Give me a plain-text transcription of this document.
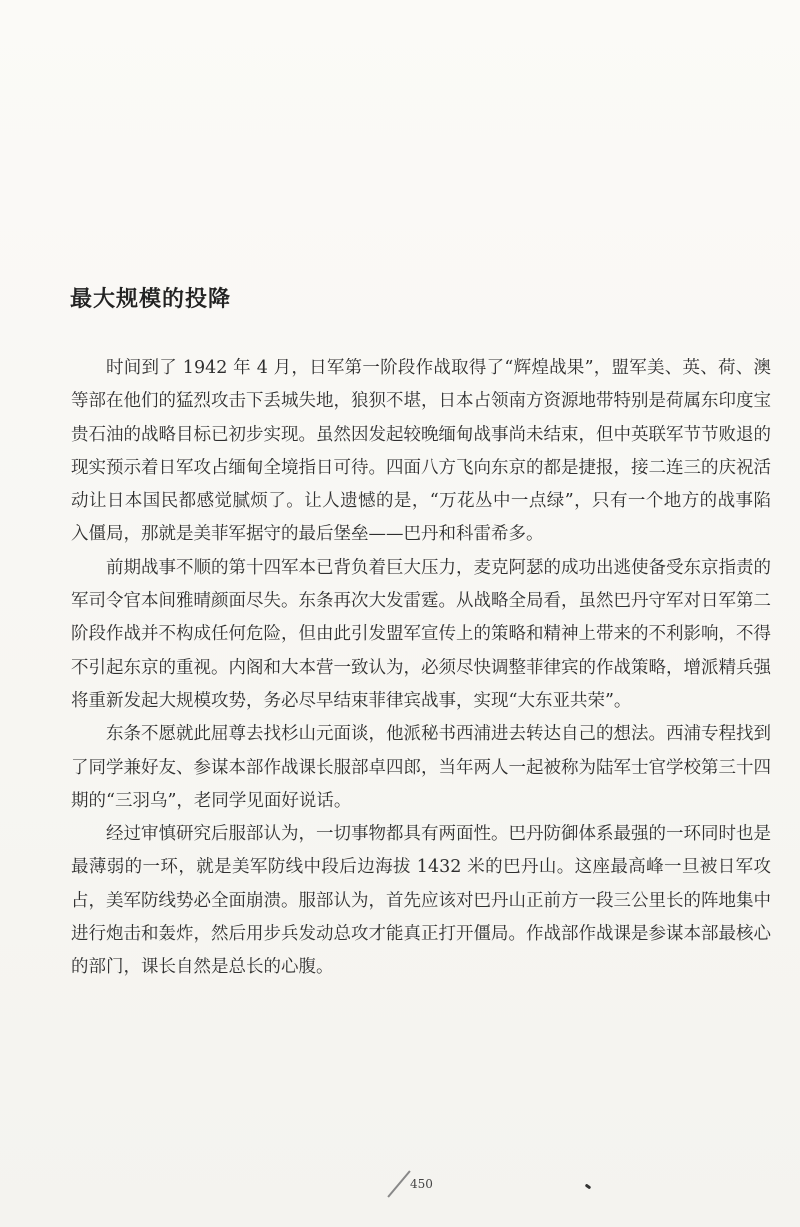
最大规模的投降

时间到了 1942 年 4 月，日军第一阶段作战取得了“辉煌战果”，盟军美、英、荷、澳等部在他们的猛烈攻击下丢城失地，狼狈不堪，日本占领南方资源地带特别是荷属东印度宝贵石油的战略目标已初步实现。虽然因发起较晚缅甸战事尚未结束，但中英联军节节败退的现实预示着日军攻占缅甸全境指日可待。四面八方飞向东京的都是捷报，接二连三的庆祝活动让日本国民都感觉腻烦了。让人遗憾的是，“万花丛中一点绿”，只有一个地方的战事陷入僵局，那就是美菲军据守的最后堡垒——巴丹和科雷希多。

前期战事不顺的第十四军本已背负着巨大压力，麦克阿瑟的成功出逃使备受东京指责的军司令官本间雅晴颜面尽失。东条再次大发雷霆。从战略全局看，虽然巴丹守军对日军第二阶段作战并不构成任何危险，但由此引发盟军宣传上的策略和精神上带来的不利影响，不得不引起东京的重视。内阁和大本营一致认为，必须尽快调整菲律宾的作战策略，增派精兵强将重新发起大规模攻势，务必尽早结束菲律宾战事，实现“大东亚共荣”。

东条不愿就此屈尊去找杉山元面谈，他派秘书西浦进去转达自己的想法。西浦专程找到了同学兼好友、参谋本部作战课长服部卓四郎，当年两人一起被称为陆军士官学校第三十四期的“三羽乌”，老同学见面好说话。

经过审慎研究后服部认为，一切事物都具有两面性。巴丹防御体系最强的一环同时也是最薄弱的一环，就是美军防线中段后边海拔 1432 米的巴丹山。这座最高峰一旦被日军攻占，美军防线势必全面崩溃。服部认为，首先应该对巴丹山正前方一段三公里长的阵地集中进行炮击和轰炸，然后用步兵发动总攻才能真正打开僵局。作战部作战课是参谋本部最核心的部门，课长自然是总长的心腹。

450
